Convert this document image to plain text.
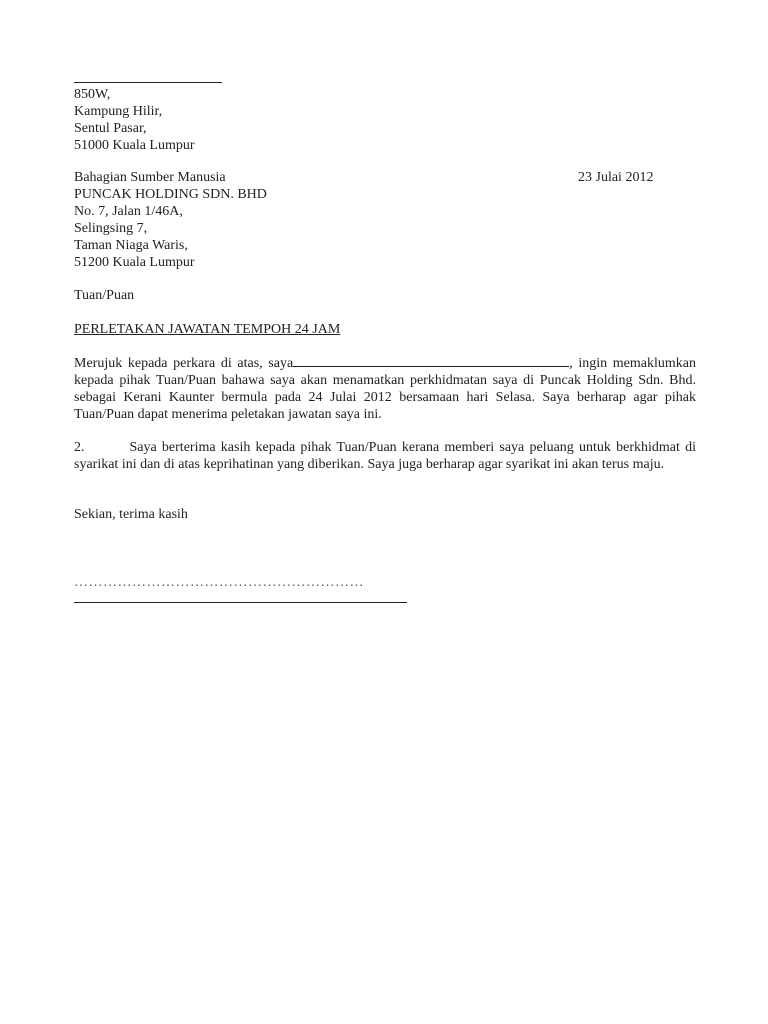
850W,
Kampung Hilir,
Sentul Pasar,
51000 Kuala Lumpur
Bahagian Sumber Manusia	23 Julai 2012
PUNCAK HOLDING SDN. BHD
No. 7, Jalan 1/46A,
Selingsing 7,
Taman Niaga Waris,
51200 Kuala Lumpur
Tuan/Puan
PERLETAKAN JAWATAN TEMPOH 24 JAM
Merujuk kepada perkara di atas, saya	, ingin memaklumkan kepada pihak Tuan/Puan bahawa saya akan menamatkan perkhidmatan saya di Puncak Holding Sdn. Bhd. sebagai Kerani Kaunter bermula pada 24 Julai 2012 bersamaan hari Selasa. Saya berharap agar pihak Tuan/Puan dapat menerima peletakan jawatan saya ini.
2.	Saya berterima kasih kepada pihak Tuan/Puan kerana memberi saya peluang untuk berkhidmat di syarikat ini dan di atas keprihatinan yang diberikan. Saya juga berharap agar syarikat ini akan terus maju.
Sekian, terima kasih
……………………………………………………
